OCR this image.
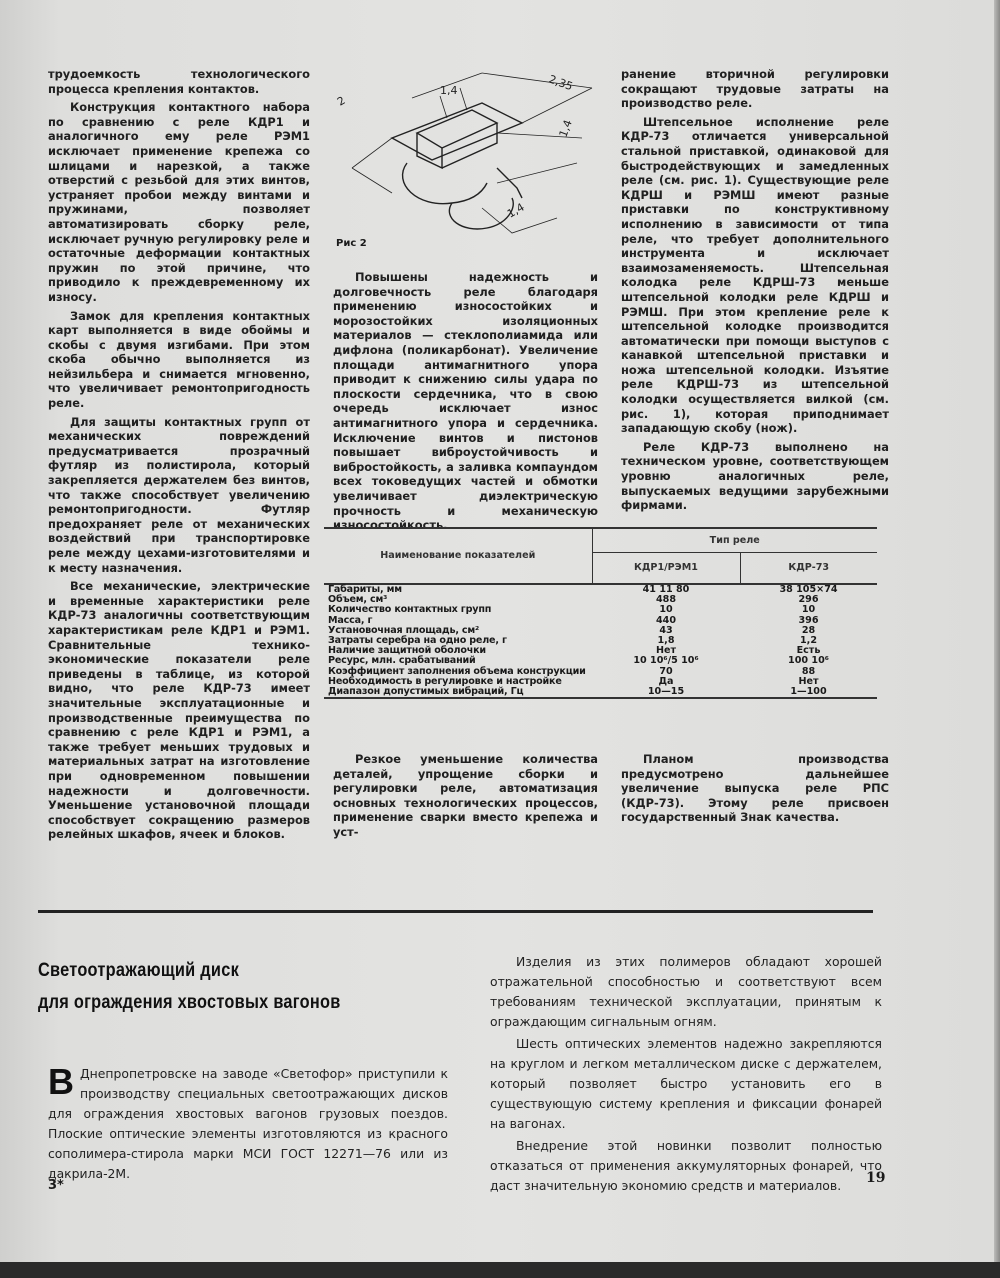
трудоемкость технологического процесса крепления контактов.

Конструкция контактного набора по сравнению с реле КДР1 и аналогичного ему реле РЭМ1 исключает применение крепежа со шлицами и нарезкой, а также отверстий с резьбой для этих винтов, устраняет пробои между винтами и пружинами, позволяет автоматизировать сборку реле, исключает ручную регулировку реле и остаточные деформации контактных пружин по этой причине, что приводило к преждевременному их износу.

Замок для крепления контактных карт выполняется в виде обоймы и скобы с двумя изгибами. При этом скоба обычно выполняется из нейзильбера и снимается мгновенно, что увеличивает ремонтопригодность реле.

Для защиты контактных групп от механических повреждений предусматривается прозрачный футляр из полистирола, который закрепляется держателем без винтов, что также способствует увеличению ремонтопригодности. Футляр предохраняет реле от механических воздействий при транспортировке реле между цехами-изготовителями и к месту назначения.

Все механические, электрические и временные характеристики реле КДР-73 аналогичны соответствующим характеристикам реле КДР1 и РЭМ1. Сравнительные технико-экономические показатели реле приведены в таблице, из которой видно, что реле КДР-73 имеет значительные эксплуатационные и производственные преимущества по сравнению с реле КДР1 и РЭМ1, а также требует меньших трудовых и материальных затрат на изготовление при одновременном повышении надежности и долговечности. Уменьшение установочной площади способствует сокращению размеров релейных шкафов, ячеек и блоков.

2
2,35
1,4
1,4
1,4
Рис 2

Повышены надежность и долговечность реле благодаря применению износостойких и морозостойких изоляционных материалов — стеклополиамида или дифлона (поликарбонат). Увеличение площади антимагнитного упора приводит к снижению силы удара по плоскости сердечника, что в свою очередь исключает износ антимагнитного упора и сердечника. Исключение винтов и пистонов повышает виброустойчивость и вибростойкость, а заливка компаундом всех токоведущих частей и обмотки увеличивает диэлектрическую прочность и механическую износостойкость.

ранение вторичной регулировки сокращают трудовые затраты на производство реле.

Штепсельное исполнение реле КДР-73 отличается универсальной стальной приставкой, одинаковой для быстродействующих и замедленных реле (см. рис. 1). Существующие реле КДРШ и РЭМШ имеют разные приставки по конструктивному исполнению в зависимости от типа реле, что требует дополнительного инструмента и исключает взаимозаменяемость. Штепсельная колодка реле КДРШ-73 меньше штепсельной колодки реле КДРШ и РЭМШ. При этом крепление реле к штепсельной колодке производится автоматически при помощи выступов с канавкой штепсельной приставки и ножа штепсельной колодки. Изъятие реле КДРШ-73 из штепсельной колодки осуществляется вилкой (см. рис. 1), которая приподнимает западающую скобу (нож).

Реле КДР-73 выполнено на техническом уровне, соответствующем уровню аналогичных реле, выпускаемых ведущими зарубежными фирмами.

Наименование показателей	Тип реле	
	КДР1/РЭМ1	КДР-73
Габариты, мм	41 11 80	38 105×74
Объем, см³	488	296
Количество контактных групп	10	10
Масса, г	440	396
Установочная площадь, см²	43	28
Затраты серебра на одно реле, г	1,8	1,2
Наличие защитной оболочки	Нет	Есть
Ресурс, млн. срабатываний	10 10⁶/5 10⁶	100 10⁶
Коэффициент заполнения объема конструкции	70	88
Необходимость в регулировке и настройке	Да	Нет
Диапазон допустимых вибраций, Гц	10—15	1—100

Резкое уменьшение количества деталей, упрощение сборки и регулировки реле, автоматизация основных технологических процессов, применение сварки вместо крепежа и уст-

Планом производства предусмотрено дальнейшее увеличение выпуска реле РПС (КДР-73). Этому реле присвоен государственный Знак качества.

Светоотражающий диск
для ограждения хвостовых вагонов
В Днепропетровске на заводе «Светофор» приступили к производству специальных светоотражающих дисков для ограждения хвостовых вагонов грузовых поездов. Плоские оптические элементы изготовляются из красного сополимера-стирола марки МСИ ГОСТ 12271—76 или из дакрила-2М.

Изделия из этих полимеров обладают хорошей отражательной способностью и соответствуют всем требованиям технической эксплуатации, принятым к ограждающим сигнальным огням.

Шесть оптических элементов надежно закрепляются на круглом и легком металлическом диске с держателем, который позволяет быстро установить его в существующую систему крепления и фиксации фонарей на вагонах.

Внедрение этой новинки позволит полностью отказаться от применения аккумуляторных фонарей, что даст значительную экономию средств и материалов.

3*	19
